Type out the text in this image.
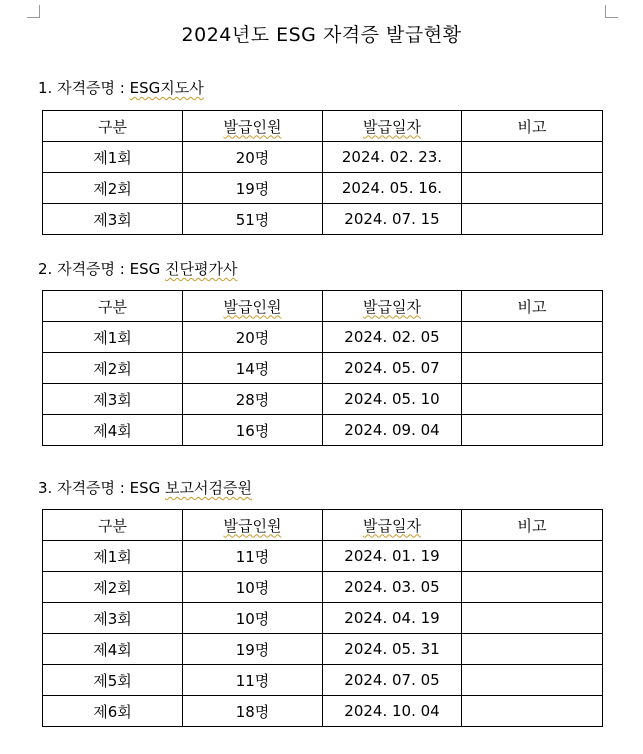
2024년도 ESG 자격증 발급현황
1. 자격증명 : ESG지도사
구분	발급인원	발급일자	비고
제1회	20명	2024. 02. 23.	
제2회	19명	2024. 05. 16.	
제3회	51명	2024. 07. 15	
2. 자격증명 : ESG 진단평가사
구분	발급인원	발급일자	비고
제1회	20명	2024. 02. 05	
제2회	14명	2024. 05. 07	
제3회	28명	2024. 05. 10	
제4회	16명	2024. 09. 04	
3. 자격증명 : ESG 보고서검증원
구분	발급인원	발급일자	비고
제1회	11명	2024. 01. 19	
제2회	10명	2024. 03. 05	
제3회	10명	2024. 04. 19	
제4회	19명	2024. 05. 31	
제5회	11명	2024. 07. 05	
제6회	18명	2024. 10. 04	
